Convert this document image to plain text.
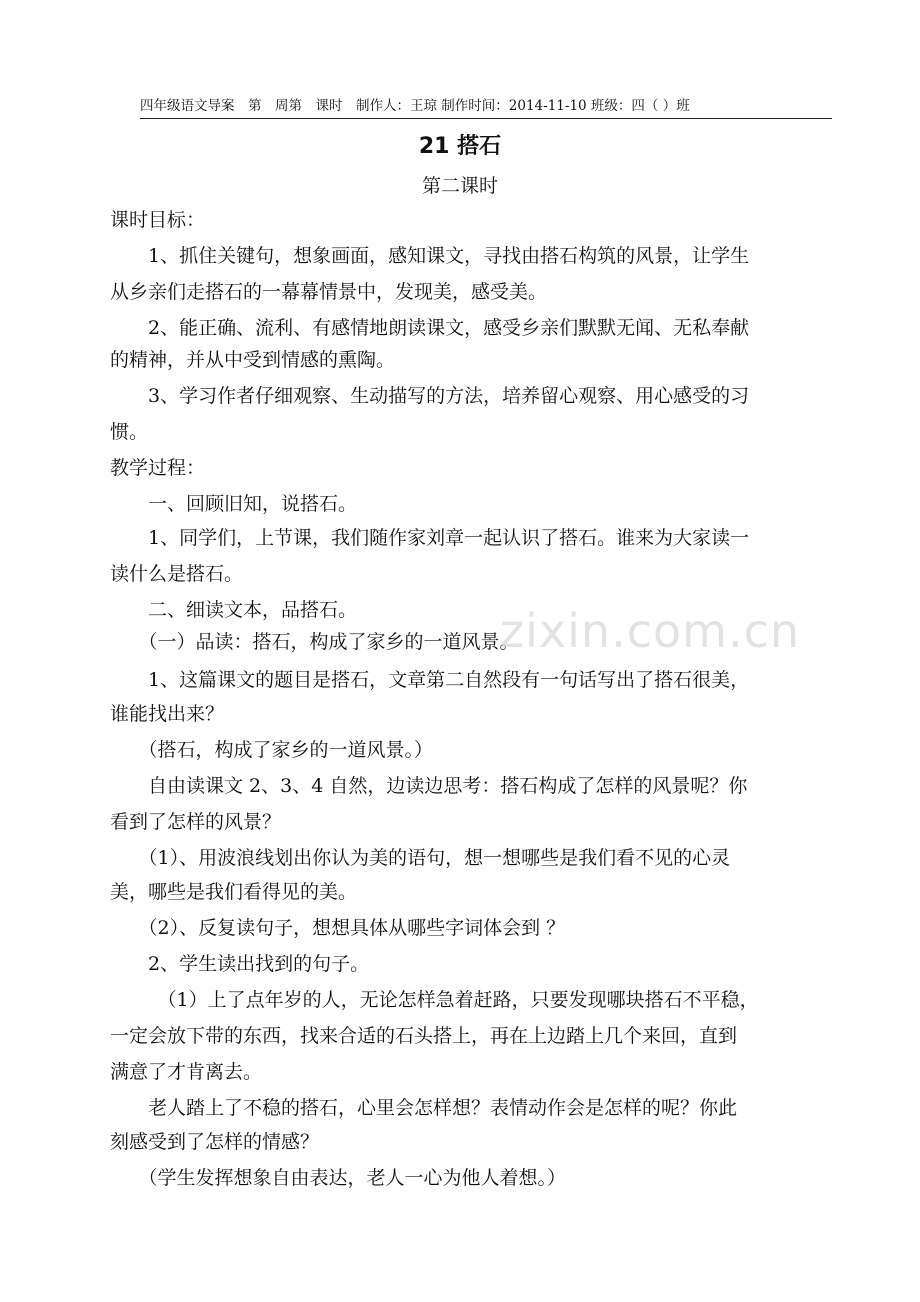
四年级语文导案　第　周第　课时　制作人：王琼 制作时间：2014-11-10 班级：四（ ）班
21 搭石
第二课时
课时目标：
　　1、抓住关键句，想象画面，感知课文，寻找由搭石构筑的风景，让学生
从乡亲们走搭石的一幕幕情景中，发现美，感受美。
　　2、能正确、流利、有感情地朗读课文，感受乡亲们默默无闻、无私奉献
的精神，并从中受到情感的熏陶。
　　3、学习作者仔细观察、生动描写的方法，培养留心观察、用心感受的习
惯。
教学过程：
　　一、回顾旧知，说搭石。
　　1、同学们，上节课，我们随作家刘章一起认识了搭石。谁来为大家读一
读什么是搭石。
　　二、细读文本，品搭石。
　　（一）品读：搭石，构成了家乡的一道风景。
　　1、这篇课文的题目是搭石，文章第二自然段有一句话写出了搭石很美，
谁能找出来？
　　（搭石，构成了家乡的一道风景。）
　　自由读课文 2、3、4 自然，边读边思考：搭石构成了怎样的风景呢？你
看到了怎样的风景？
　　（1）、用波浪线划出你认为美的语句，想一想哪些是我们看不见的心灵
美，哪些是我们看得见的美。
　　（2）、反复读句子，想想具体从哪些字词体会到 ？
　　2、学生读出找到的句子。
　　　（1）上了点年岁的人，无论怎样急着赶路，只要发现哪块搭石不平稳，
一定会放下带的东西，找来合适的石头搭上，再在上边踏上几个来回，直到
满意了才肯离去。
　　老人踏上了不稳的搭石，心里会怎样想？表情动作会是怎样的呢？你此
刻感受到了怎样的情感？
　　（学生发挥想象自由表达，老人一心为他人着想。）
zixin.com.cn
